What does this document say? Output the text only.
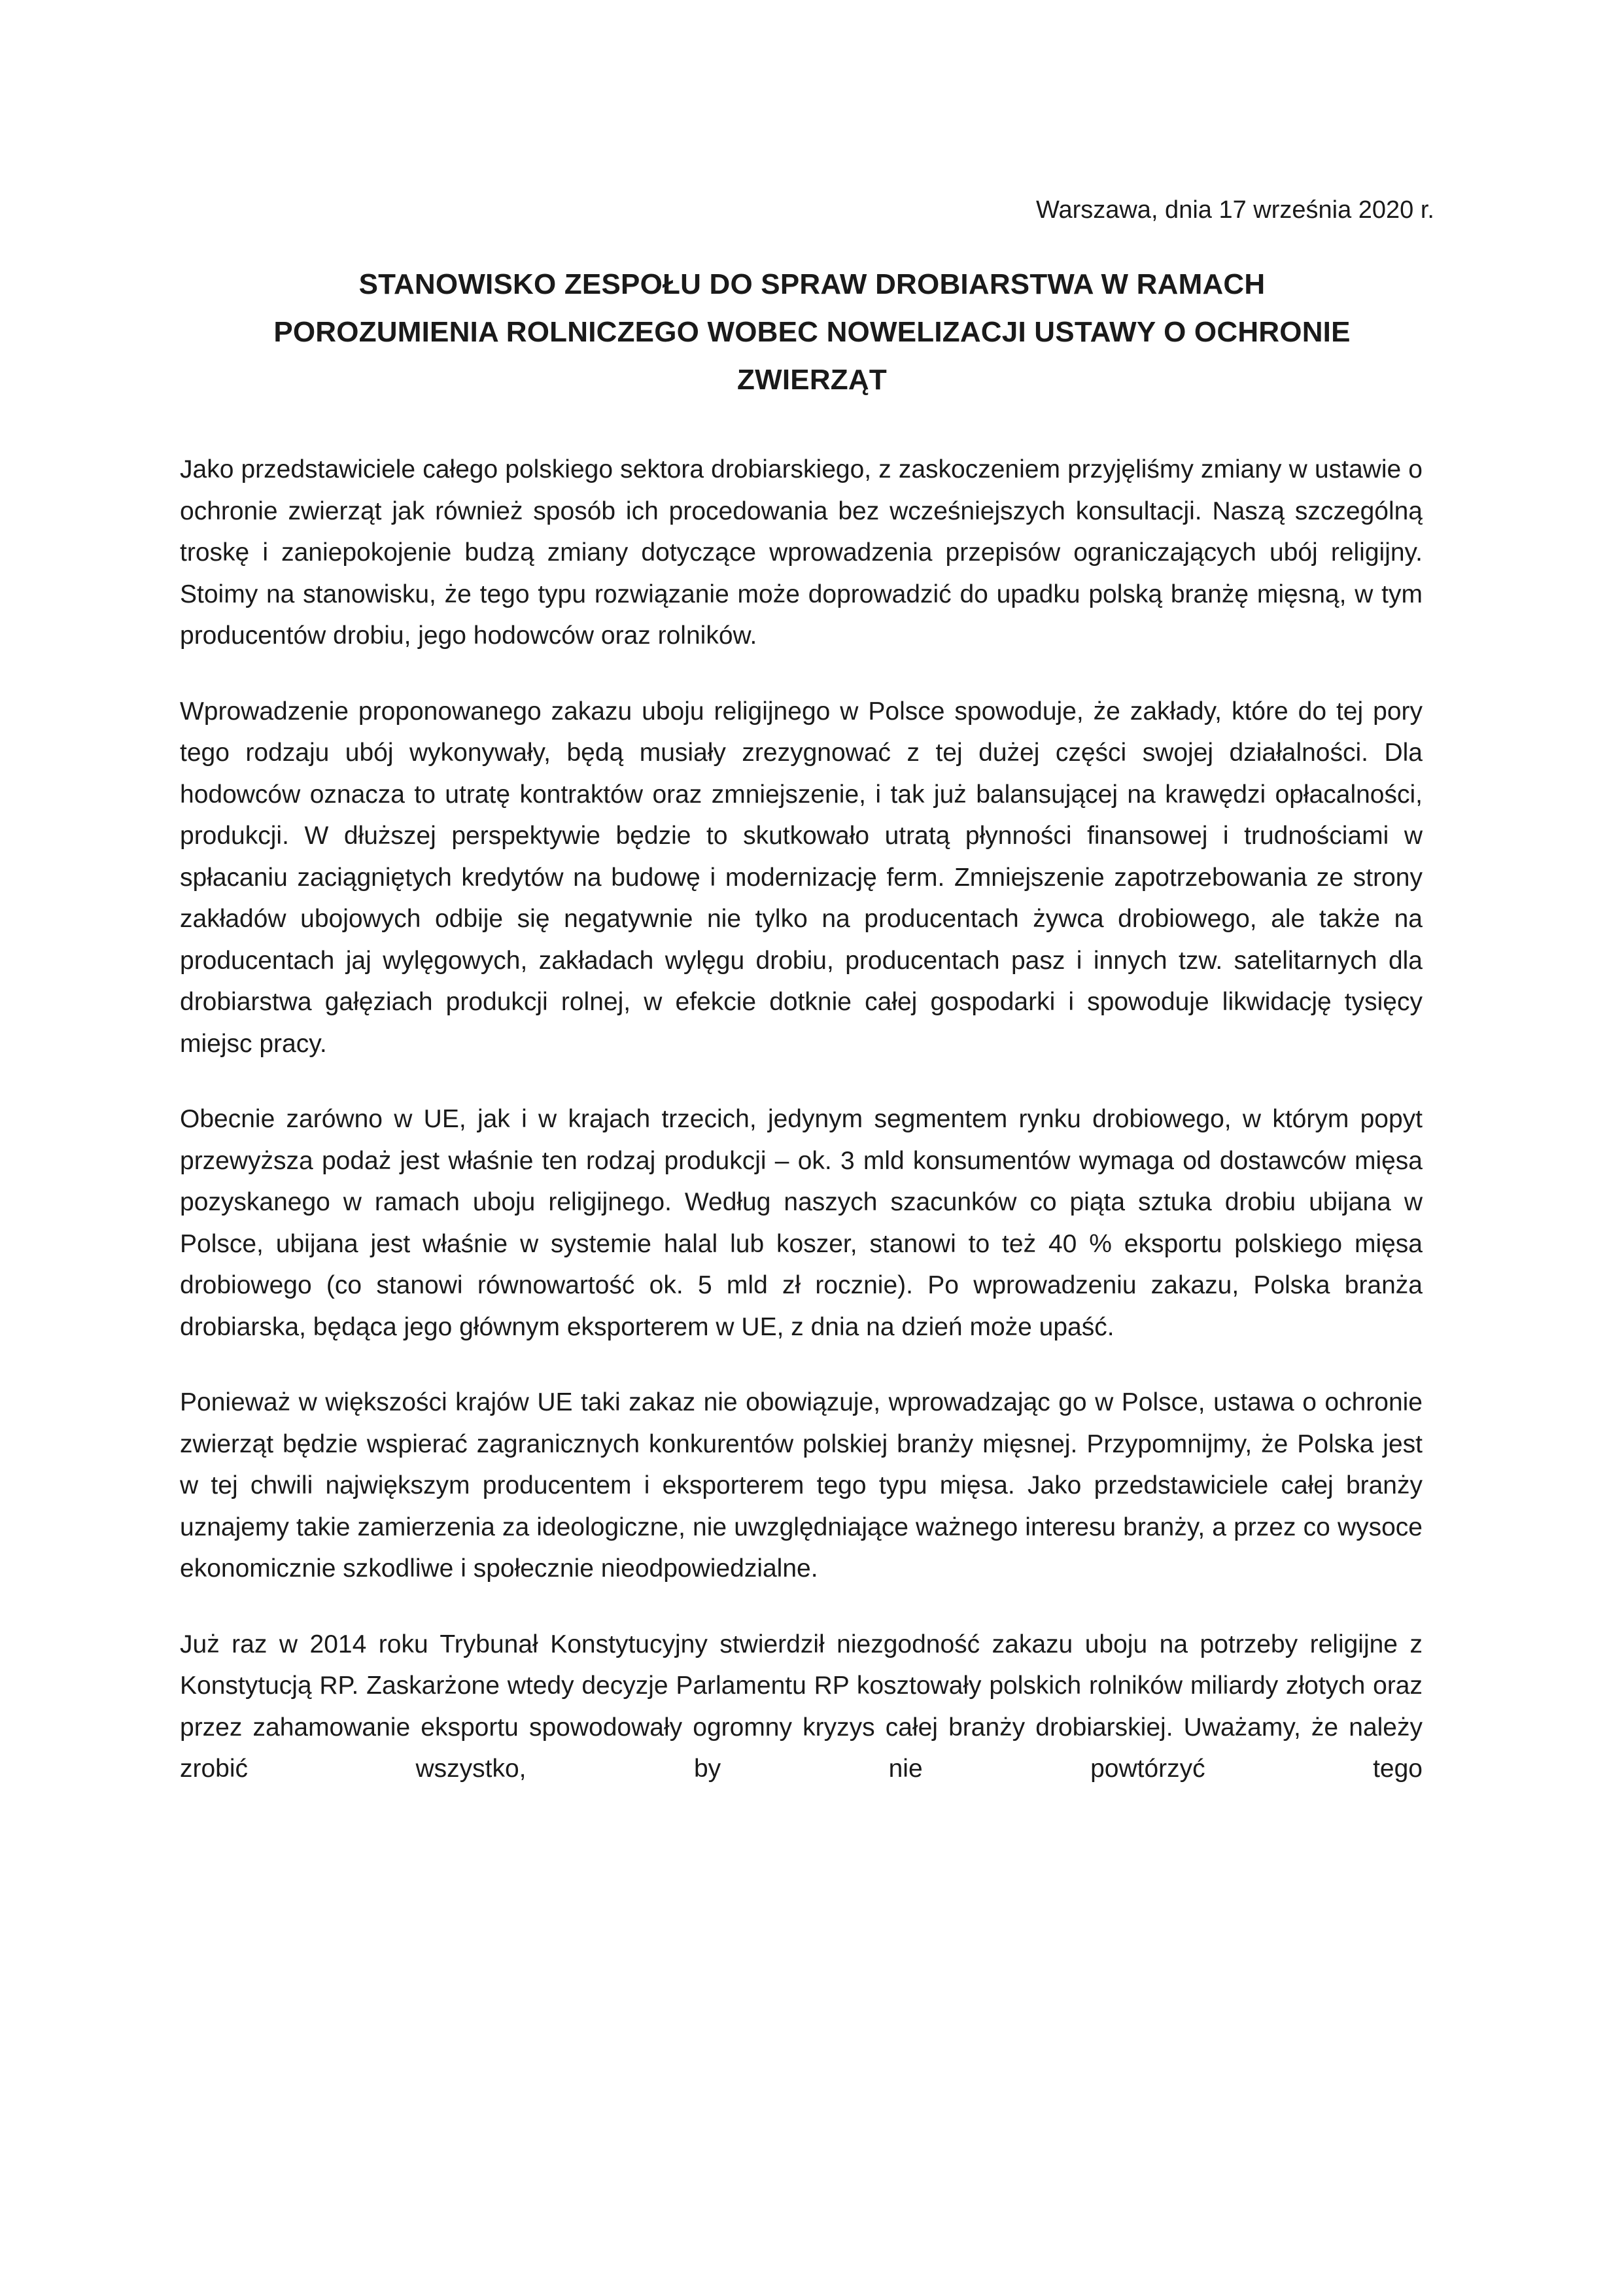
Warszawa, dnia 17 września 2020 r.
STANOWISKO ZESPOŁU DO SPRAW DROBIARSTWA W RAMACH
POROZUMIENIA ROLNICZEGO WOBEC NOWELIZACJI USTAWY O OCHRONIE
ZWIERZĄT

Jako przedstawiciele całego polskiego sektora drobiarskiego, z zaskoczeniem przyjęliśmy zmiany w ustawie o ochronie zwierząt jak również sposób ich procedowania bez wcześniejszych konsultacji. Naszą szczególną troskę i zaniepokojenie budzą zmiany dotyczące wprowadzenia przepisów ograniczających ubój religijny. Stoimy na stanowisku, że tego typu rozwiązanie może doprowadzić do upadku polską branżę mięsną, w tym producentów drobiu, jego hodowców oraz rolników.

Wprowadzenie proponowanego zakazu uboju religijnego w Polsce spowoduje, że zakłady, które do tej pory tego rodzaju ubój wykonywały, będą musiały zrezygnować z tej dużej części swojej działalności. Dla hodowców oznacza to utratę kontraktów oraz zmniejszenie, i tak już balansującej na krawędzi opłacalności, produkcji. W dłuższej perspektywie będzie to skutkowało utratą płynności finansowej i trudnościami w spłacaniu zaciągniętych kredytów na budowę i modernizację ferm. Zmniejszenie zapotrzebowania ze strony zakładów ubojowych odbije się negatywnie nie tylko na producentach żywca drobiowego, ale także na producentach jaj wylęgowych, zakładach wylęgu drobiu, producentach pasz i innych tzw. satelitarnych dla drobiarstwa gałęziach produkcji rolnej, w efekcie dotknie całej gospodarki i spowoduje likwidację tysięcy miejsc pracy.

Obecnie zarówno w UE, jak i w krajach trzecich, jedynym segmentem rynku drobiowego, w którym popyt przewyższa podaż jest właśnie ten rodzaj produkcji – ok. 3 mld konsumentów wymaga od dostawców mięsa pozyskanego w ramach uboju religijnego. Według naszych szacunków co piąta sztuka drobiu ubijana w Polsce, ubijana jest właśnie w systemie halal lub koszer, stanowi to też 40 % eksportu polskiego mięsa drobiowego (co stanowi równowartość ok. 5 mld zł rocznie). Po wprowadzeniu zakazu, Polska branża drobiarska, będąca jego głównym eksporterem w UE, z dnia na dzień może upaść.

Ponieważ w większości krajów UE taki zakaz nie obowiązuje, wprowadzając go w Polsce, ustawa o ochronie zwierząt będzie wspierać zagranicznych konkurentów polskiej branży mięsnej. Przypomnijmy, że Polska jest w tej chwili największym producentem i eksporterem tego typu mięsa. Jako przedstawiciele całej branży uznajemy takie zamierzenia za ideologiczne, nie uwzględniające ważnego interesu branży, a przez co wysoce ekonomicznie szkodliwe i społecznie nieodpowiedzialne.

Już raz w 2014 roku Trybunał Konstytucyjny stwierdził niezgodność zakazu uboju na potrzeby religijne z Konstytucją RP. Zaskarżone wtedy decyzje Parlamentu RP kosztowały polskich rolników miliardy złotych oraz przez zahamowanie eksportu spowodowały ogromny kryzys całej branży drobiarskiej. Uważamy, że należy zrobić wszystko, by nie powtórzyć tego
